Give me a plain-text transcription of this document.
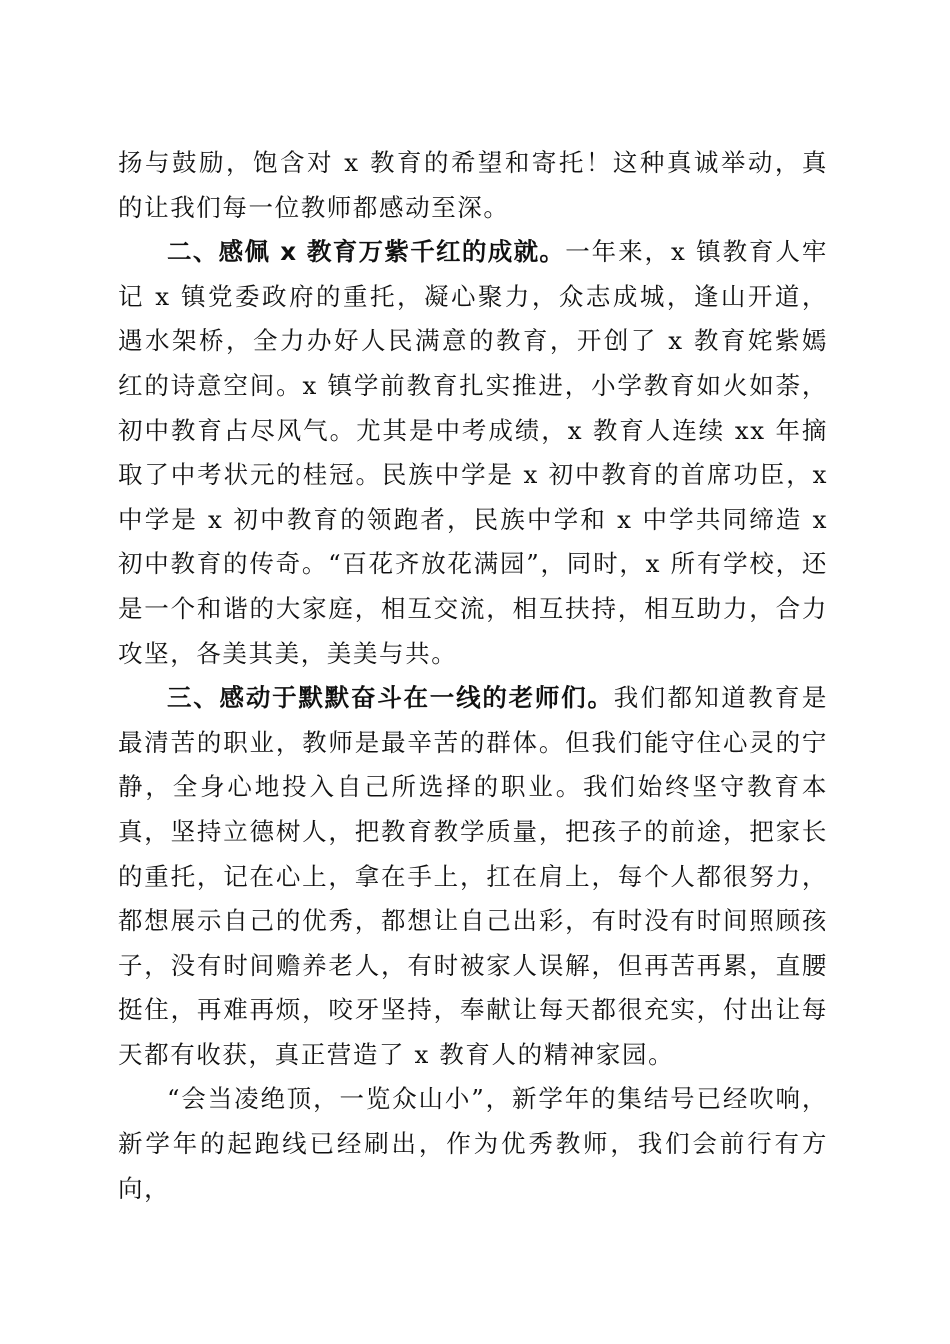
扬与鼓励，饱含对 x 教育的希望和寄托！这种真诚举动，真的让我们每一位教师都感动至深。

二、感佩 x 教育万紫千红的成就。一年来，x 镇教育人牢记 x 镇党委政府的重托，凝心聚力，众志成城，逢山开道，遇水架桥，全力办好人民满意的教育，开创了 x 教育姹紫嫣红的诗意空间。x 镇学前教育扎实推进，小学教育如火如荼，初中教育占尽风气。尤其是中考成绩，x 教育人连续 xx 年摘取了中考状元的桂冠。民族中学是 x 初中教育的首席功臣，x 中学是 x 初中教育的领跑者，民族中学和 x 中学共同缔造 x 初中教育的传奇。“百花齐放花满园”，同时，x 所有学校，还是一个和谐的大家庭，相互交流，相互扶持，相互助力，合力攻坚，各美其美，美美与共。

三、感动于默默奋斗在一线的老师们。我们都知道教育是最清苦的职业，教师是最辛苦的群体。但我们能守住心灵的宁静，全身心地投入自己所选择的职业。我们始终坚守教育本真，坚持立德树人，把教育教学质量，把孩子的前途，把家长的重托，记在心上，拿在手上，扛在肩上，每个人都很努力，都想展示自己的优秀，都想让自己出彩，有时没有时间照顾孩子，没有时间赡养老人，有时被家人误解，但再苦再累，直腰挺住，再难再烦，咬牙坚持，奉献让每天都很充实，付出让每天都有收获，真正营造了 x 教育人的精神家园。

“会当凌绝顶，一览众山小”，新学年的集结号已经吹响，新学年的起跑线已经刷出，作为优秀教师，我们会前行有方向，
